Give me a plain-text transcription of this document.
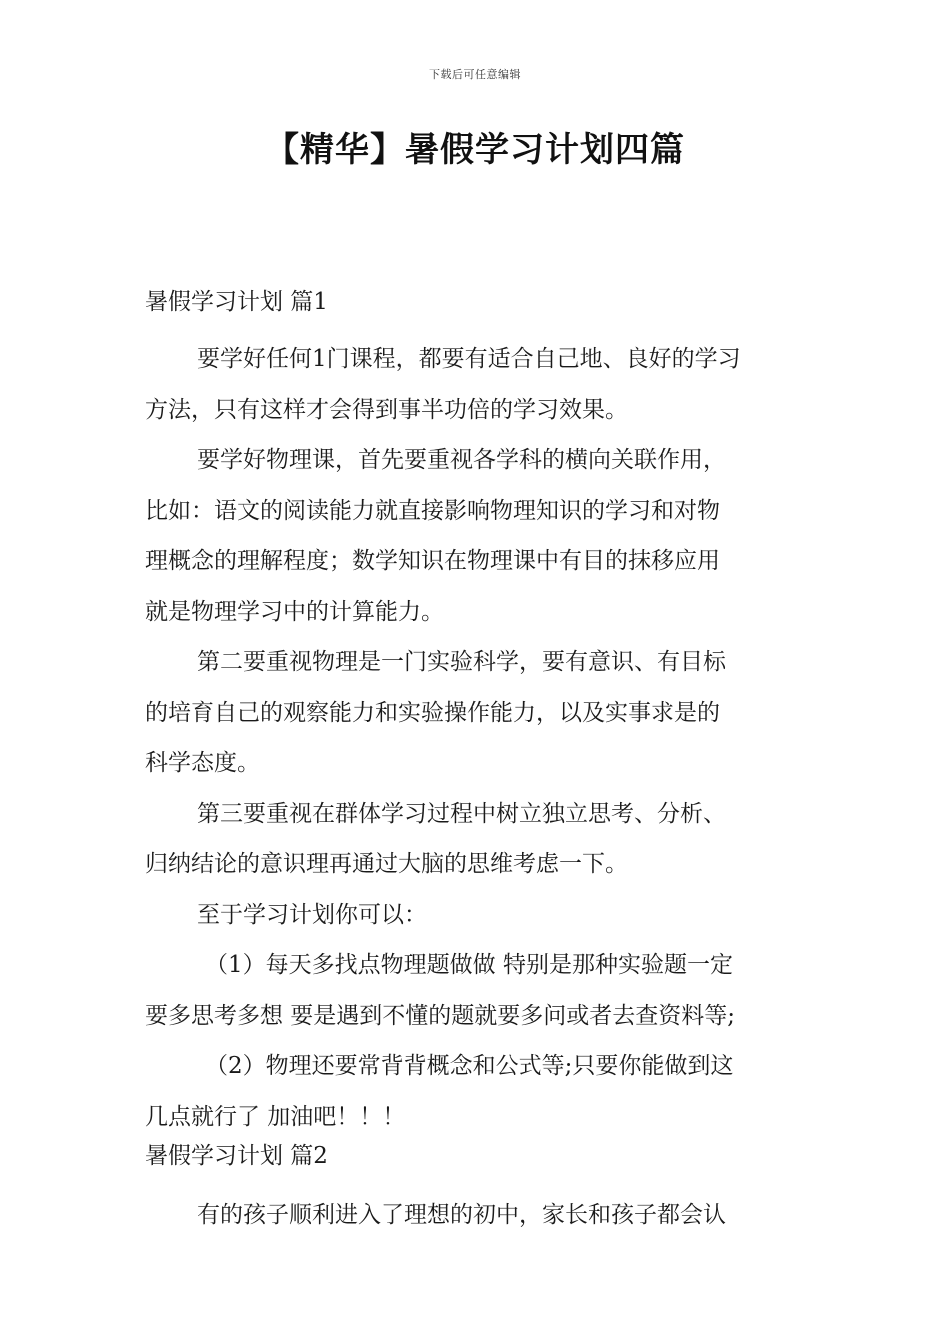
下载后可任意编辑
【精华】暑假学习计划四篇
暑假学习计划 篇1

要学好任何1门课程，都要有适合自己地、良好的学习
方法，只有这样才会得到事半功倍的学习效果。

要学好物理课，首先要重视各学科的横向关联作用，
比如：语文的阅读能力就直接影响物理知识的学习和对物
理概念的理解程度；数学知识在物理课中有目的抹移应用
就是物理学习中的计算能力。

第二要重视物理是一门实验科学，要有意识、有目标
的培育自己的观察能力和实验操作能力，以及实事求是的
科学态度。

第三要重视在群体学习过程中树立独立思考、分析、
归纳结论的意识理再通过大脑的思维考虑一下。

至于学习计划你可以：

（1）每天多找点物理题做做 特别是那种实验题一定
要多思考多想 要是遇到不懂的题就要多问或者去查资料等;

（2）物理还要常背背概念和公式等;只要你能做到这
几点就行了 加油吧！！！

暑假学习计划 篇2

有的孩子顺利进入了理想的初中，家长和孩子都会认
